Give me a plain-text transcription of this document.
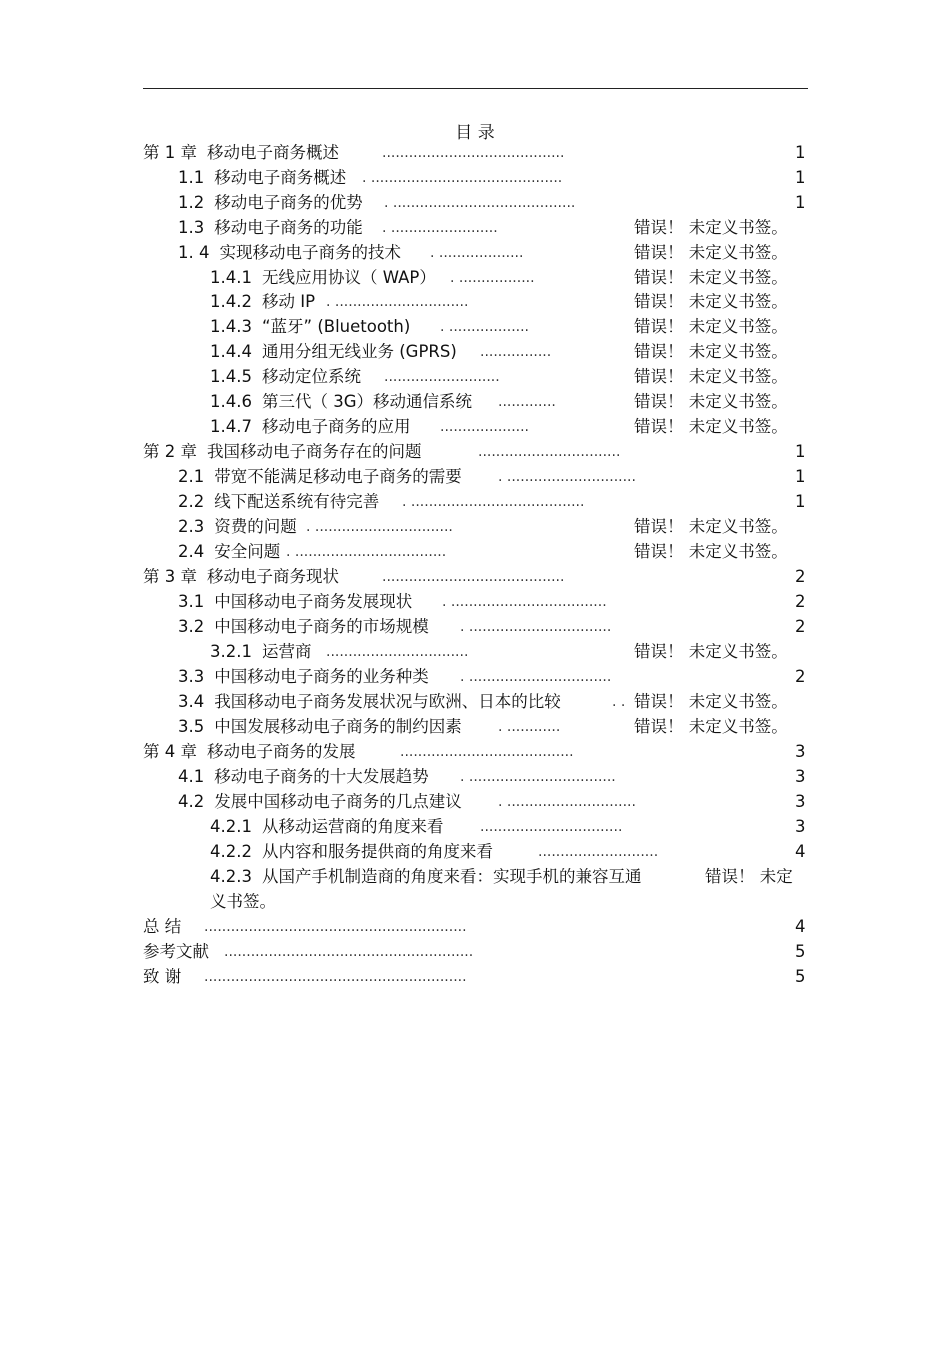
目 录
第 1 章 移动电子商务概述	.........................................	1
1.1 移动电子商务概述 . ...........................................	1
1.2 移动电子商务的优势 . .........................................	1
1.3 移动电子商务的功能 . ........................	错误！ 未定义书签。
1. 4 实现移动电子商务的技术 . ...................	错误！ 未定义书签。
1.4.1 无线应用协议（ WAP） . .................	错误！ 未定义书签。
1.4.2 移动 IP . ..............................	错误！ 未定义书签。
1.4.3 “蓝牙” (Bluetooth) . ..................	错误！ 未定义书签。
1.4.4 通用分组无线业务 (GPRS) ................	错误！ 未定义书签。
1.4.5 移动定位系统 ..........................	错误！ 未定义书签。
1.4.6 第三代（ 3G）移动通信系统 .............	错误！ 未定义书签。
1.4.7 移动电子商务的应用 ....................	错误！ 未定义书签。
第 2 章 我国移动电子商务存在的问题	................................	1
2.1 带宽不能满足移动电子商务的需要	. .............................	1
2.2 线下配送系统有待完善 . .......................................	1
2.3 资费的问题 . ...............................	错误！ 未定义书签。
2.4 安全问题 . ..................................	错误！ 未定义书签。
第 3 章 移动电子商务现状	.........................................	2
3.1 中国移动电子商务发展现状 . ...................................	2
3.2 中国移动电子商务的市场规模 . ................................	2
3.2.1 运营商 ................................	错误！ 未定义书签。
3.3 中国移动电子商务的业务种类 . ................................	2
3.4 我国移动电子商务发展状况与欧洲、日本的比较	. . 错误！ 未定义书签。
3.5 中国发展移动电子商务的制约因素	. ............	错误！ 未定义书签。
第 4 章 移动电子商务的发展	.......................................	3
4.1 移动电子商务的十大发展趋势 . .................................	3
4.2 发展中国移动电子商务的几点建议	. .............................	3
4.2.1 从移动运营商的角度来看	................................	3
4.2.2 从内容和服务提供商的角度来看	...........................	4
4.2.3 从国产手机制造商的角度来看：实现手机的兼容互通	错误！ 未定
义书签。
总 结 ...........................................................	4
参考文献 ........................................................	5
致 谢 ...........................................................	5
